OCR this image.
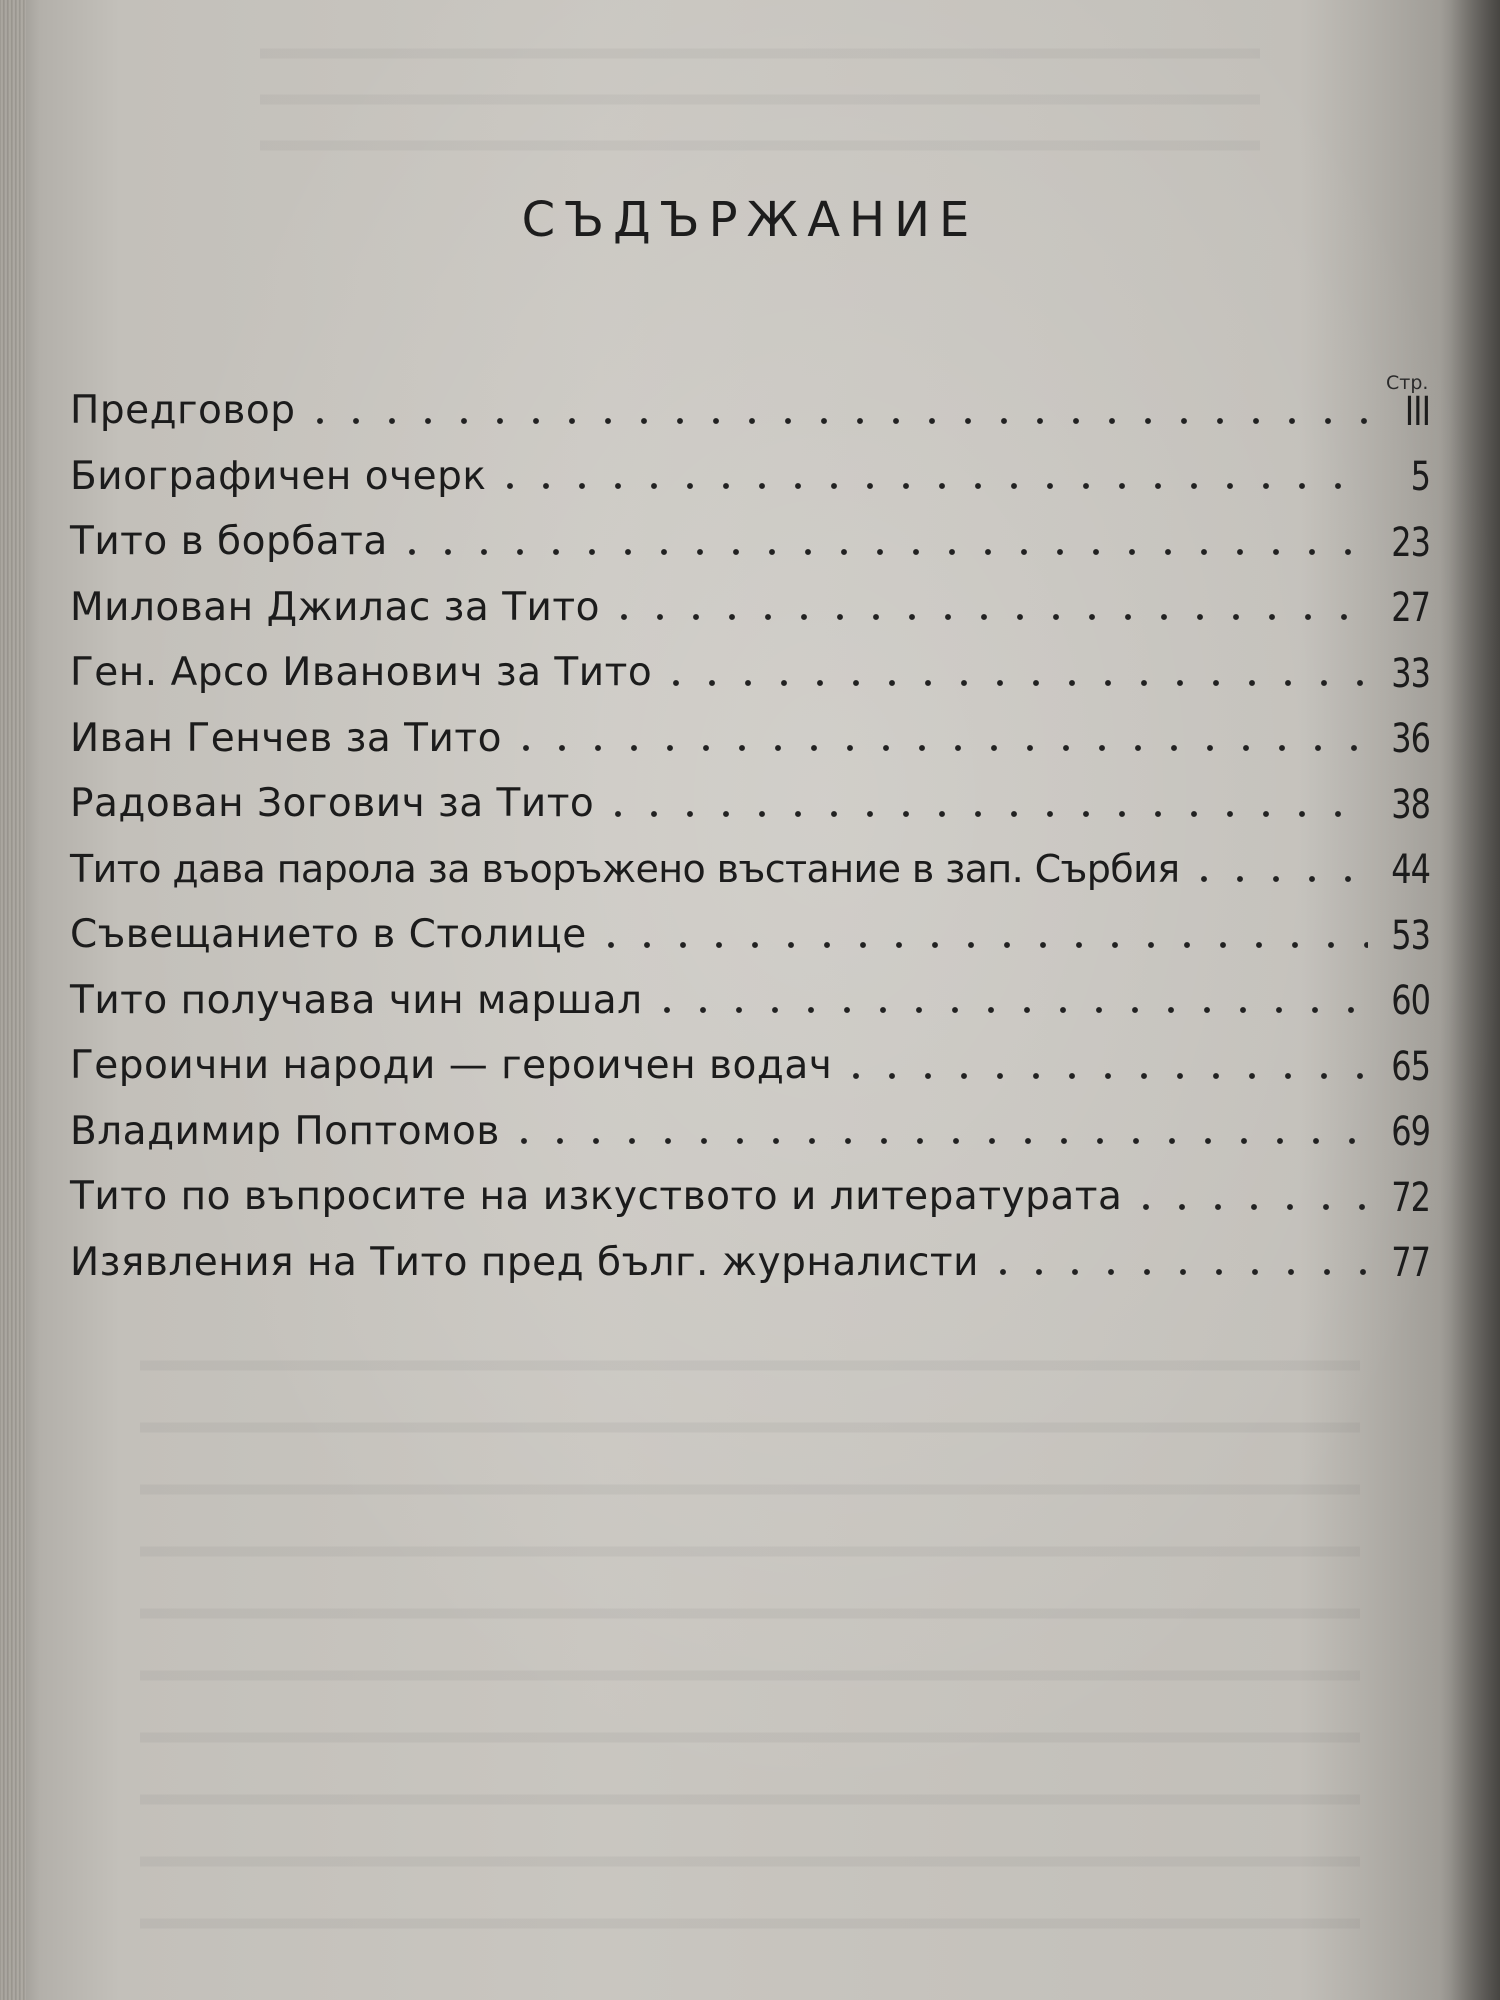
СЪДЪРЖАНИЕ
Стр.
Предговор	III
Биографичен очерк	5
Тито в борбата	23
Милован Джилас за Тито	27
Ген. Арсо Иванович за Тито	33
Иван Генчев за Тито	36
Радован Зогович за Тито	38
Тито дава парола за въоръжено въстание в зап. Сърбия	44
Съвещанието в Столице	53
Тито получава чин маршал	60
Героични народи — героичен водач	65
Владимир Поптомов	69
Тито по въпросите на изкуството и литературата	72
Изявления на Тито пред бълг. журналисти	77
